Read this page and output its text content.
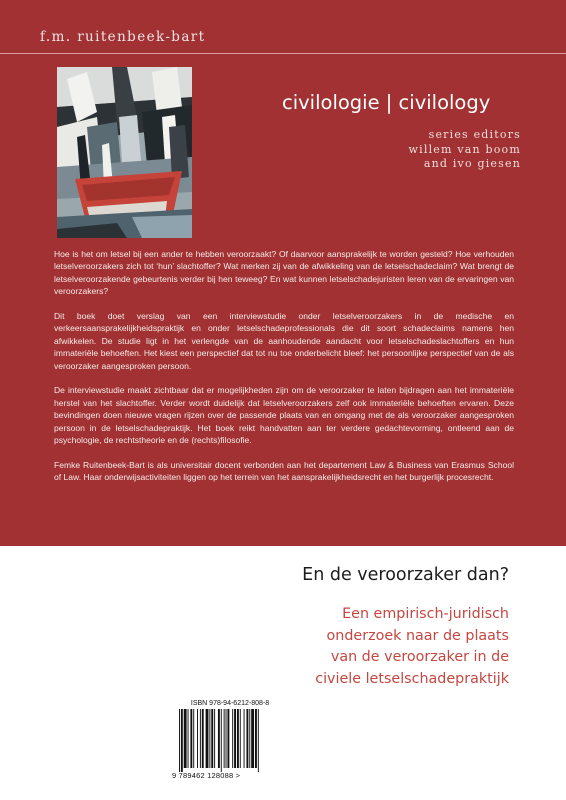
f.m. ruitenbeek-bart
civilologie | civilology
series editors
willem van boom
and ivo giesen

Hoe is het om letsel bij een ander te hebben veroorzaakt? Of daarvoor aansprakelijk te worden gesteld? Hoe verhouden letselveroorzakers zich tot ‘hun’ slachtoffer? Wat merken zij van de afwikkeling van de letselschadeclaim? Wat brengt de letselveroorzakende gebeurtenis verder bij hen teweeg? En wat kunnen letselschadejuristen leren van de ervaringen van veroorzakers?

Dit boek doet verslag van een interviewstudie onder letselveroorzakers in de medische en verkeersaansprakelijkheidspraktijk en onder letselschadeprofessionals die dit soort schadeclaims namens hen afwikkelen. De studie ligt in het verlengde van de aanhoudende aandacht voor letselschadeslachtoffers en hun immateriële behoeften. Het kiest een perspectief dat tot nu toe onderbelicht bleef: het persoonlijke perspectief van de als veroorzaker aangesproken persoon.

De interviewstudie maakt zichtbaar dat er mogelijkheden zijn om de veroorzaker te laten bijdragen aan het immateriële herstel van het slachtoffer. Verder wordt duidelijk dat letselveroorzakers zelf ook immateriële behoeften ervaren. Deze bevindingen doen nieuwe vragen rijzen over de passende plaats van en omgang met de als veroorzaker aangesproken persoon in de letselschadepraktijk. Het boek reikt handvatten aan ter verdere gedachtevorming, ontleend aan de psychologie, de rechtstheorie en de (rechts)filosofie.

Femke Ruitenbeek-Bart is als universitair docent verbonden aan het departement Law & Business van Erasmus School of Law. Haar onderwijsactiviteiten liggen op het terrein van het aansprakelijkheidsrecht en het burgerlijk procesrecht.

En de veroorzaker dan?
Een empirisch-juridisch
onderzoek naar de plaats
van de veroorzaker in de
civiele letselschadepraktijk
ISBN 978-94-6212-808-8
9 789462 128088 >
